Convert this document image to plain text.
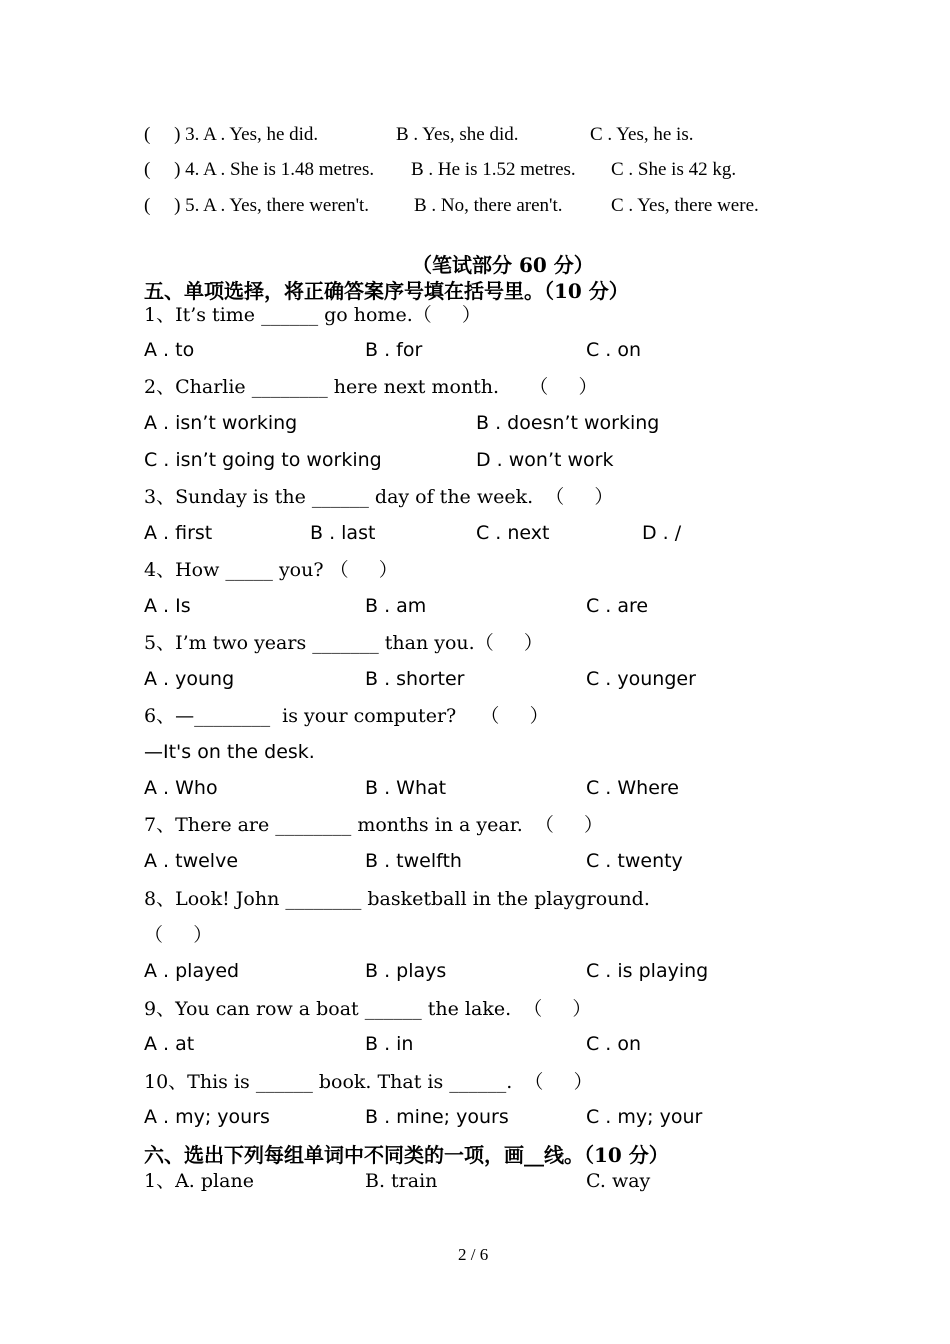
(     ) 3. A . Yes, he did.	B . Yes, she did.	C . Yes, he is.
(     ) 4. A . She is 1.48 metres. B . He is 1.52 metres. C . She is 42 kg.
(     ) 5. A . Yes, there weren't. B . No, there aren't.	C . Yes, there were.
（笔试部分 60 分）
五、单项选择，将正确答案序号填在括号里。（10 分）
1、It’s time ______ go home.（     ）
A . to	B . for	C . on
2、Charlie ________ here next month.     （     ）
A . isn’t working	B . doesn’t working
C . isn’t going to working	D . won’t work
3、Sunday is the ______ day of the week.  （     ）
A . first	B . last	C . next	D . /
4、How _____ you? （     ）
A . Is	B . am	C . are
5、I’m two years _______ than you.（     ）
A . young	B . shorter	C . younger
6、—________  is your computer?    （     ）
—It's on the desk.
A . Who	B . What	C . Where
7、There are ________ months in a year.  （     ）
A . twelve	B . twelfth	C . twenty
8、Look! John ________ basketball in the playground.
（     ）
A . played	B . plays	C . is playing
9、You can row a boat ______ the lake.  （     ）
A . at	B . in	C . on
10、This is ______ book. That is ______.  （     ）
A . my; yours	B . mine; yours	C . my; your
六、选出下列每组单词中不同类的一项，画__线。（10 分）
1、A. plane	B. train	C. way
2 / 6
